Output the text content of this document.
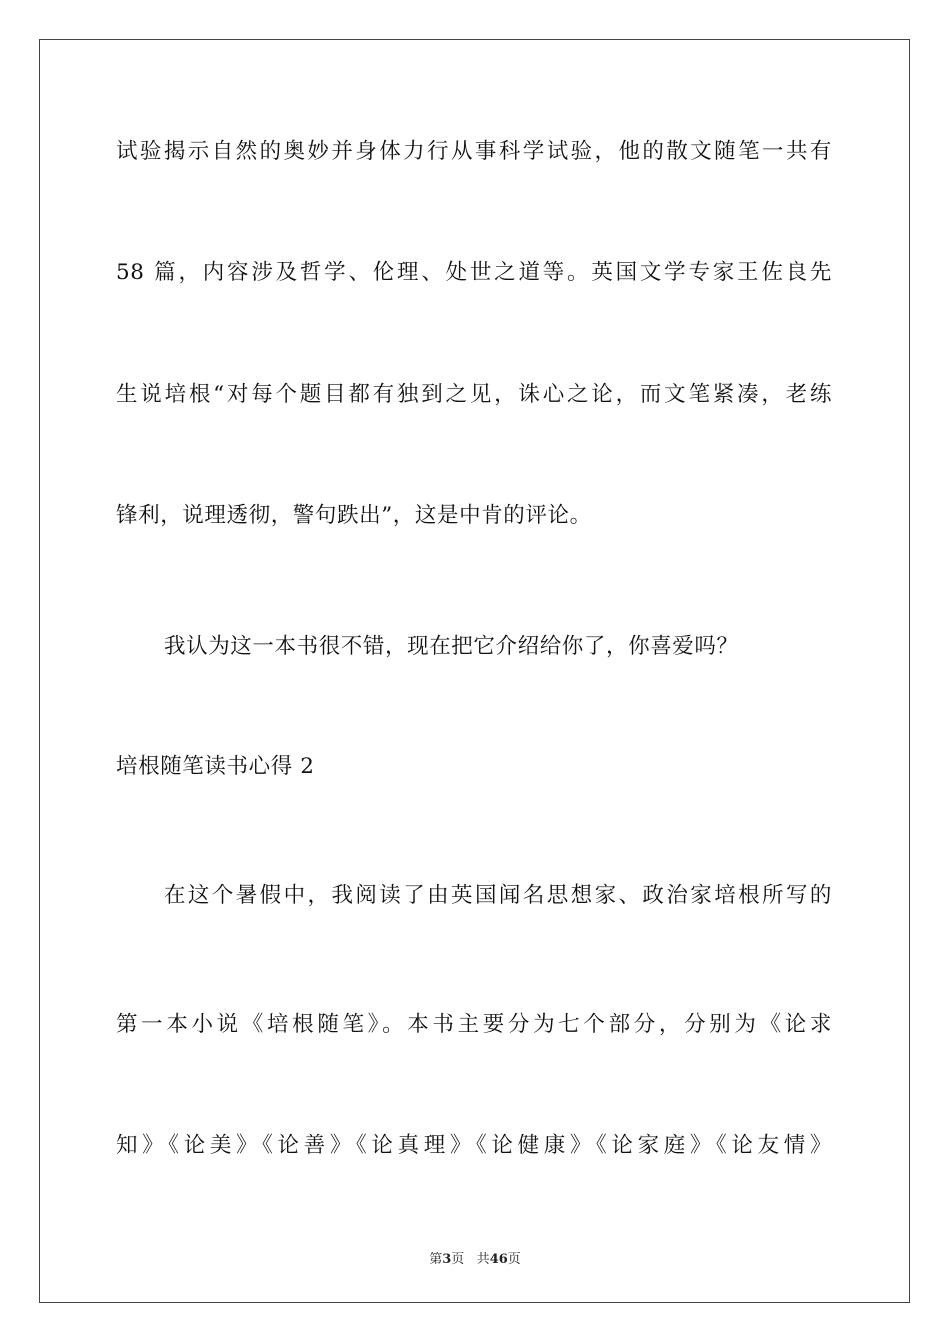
试验揭示自然的奥妙并身体力行从事科学试验，他的散文随笔一共有
58 篇，内容涉及哲学、伦理、处世之道等。英国文学专家王佐良先
生说培根“对每个题目都有独到之见，诛心之论，而文笔紧凑，老练
锋利，说理透彻，警句跌出”，这是中肯的评论。
我认为这一本书很不错，现在把它介绍给你了，你喜爱吗？
培根随笔读书心得 2
在这个暑假中，我阅读了由英国闻名思想家、政治家培根所写的
第一本小说《培根随笔》。本书主要分为七个部分，分别为《论求
知》《论美》《论善》《论真理》《论健康》《论家庭》《论友情》
第3页 共46页
